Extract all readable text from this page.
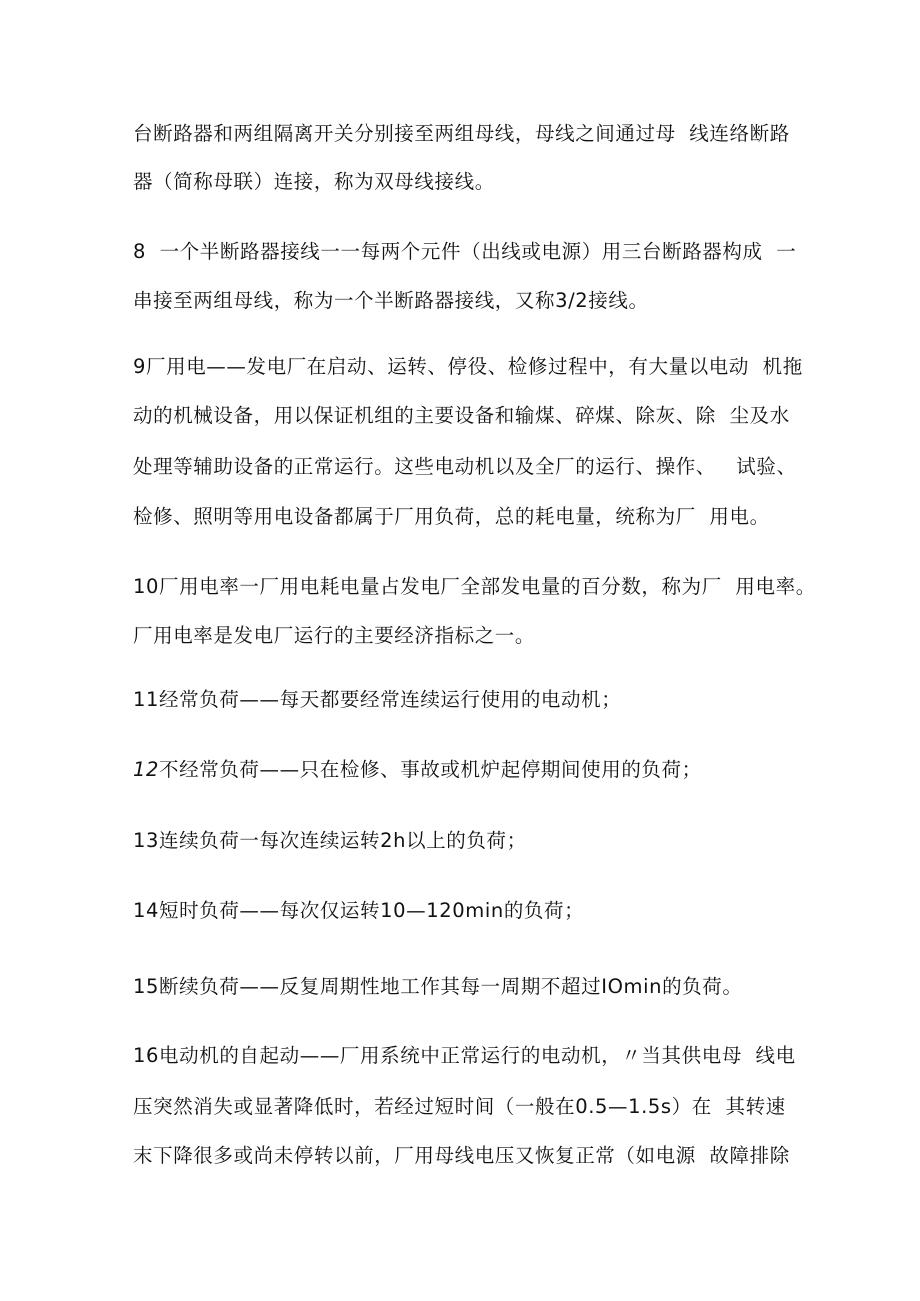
台断路器和两组隔离开关分别接至两组母线，母线之间通过母  线连络断路
器（简称母联）连接，称为双母线接线。
8  一个半断路器接线一一每两个元件（出线或电源）用三台断路器构成  一
串接至两组母线，称为一个半断路器接线，又称3/2接线。
9厂用电——发电厂在启动、运转、停役、检修过程中，有大量以电动  机拖
动的机械设备，用以保证机组的主要设备和输煤、碎煤、除灰、除  尘及水
处理等辅助设备的正常运行。这些电动机以及全厂的运行、操作、   试验、
检修、照明等用电设备都属于厂用负荷，总的耗电量，统称为厂  用电。
10厂用电率一厂用电耗电量占发电厂全部发电量的百分数，称为厂  用电率。
厂用电率是发电厂运行的主要经济指标之一。
11经常负荷——每天都要经常连续运行使用的电动机；
12不经常负荷——只在检修、事故或机炉起停期间使用的负荷；
13连续负荷一每次连续运转2h以上的负荷；
14短时负荷——每次仅运转10—120min的负荷；
15断续负荷——反复周期性地工作其每一周期不超过IOmin的负荷。
16电动机的自起动——厂用系统中正常运行的电动机，〃当其供电母  线电
压突然消失或显著降低时，若经过短时间（一般在0.5—1.5s）在  其转速
末下降很多或尚未停转以前，厂用母线电压又恢复正常（如电源  故障排除
